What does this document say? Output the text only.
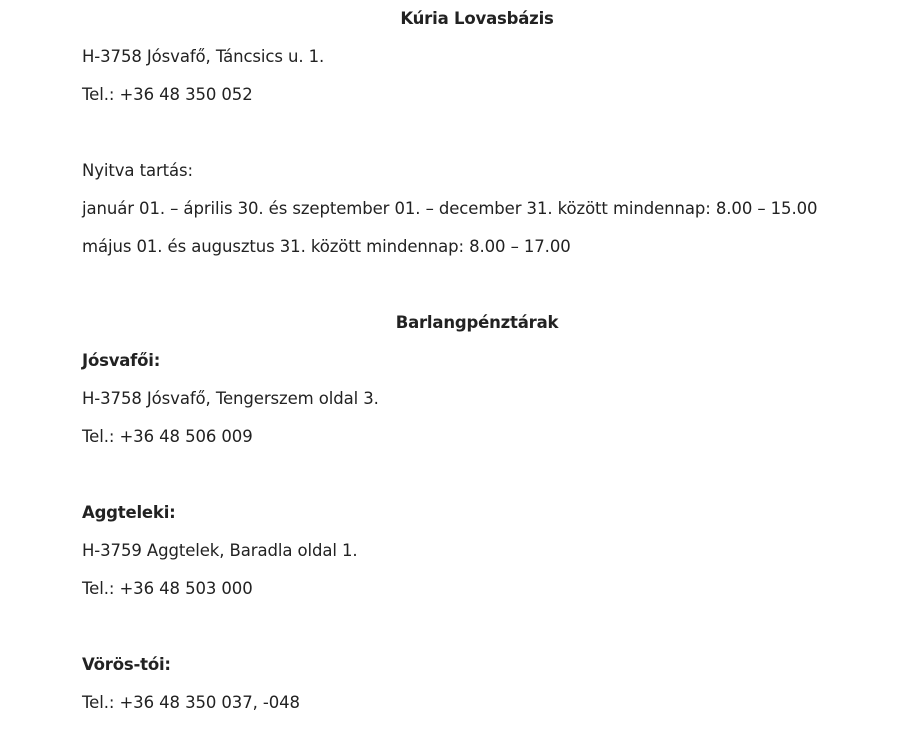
Kúria Lovasbázis
H-3758 Jósvafő, Táncsics u. 1.
Tel.: +36 48 350 052
Nyitva tartás:
január 01. – április 30. és szeptember 01. – december 31. között mindennap: 8.00 – 15.00
május 01. és augusztus 31. között mindennap: 8.00 – 17.00
Barlangpénztárak
Jósvafői:
H-3758 Jósvafő, Tengerszem oldal 3.
Tel.: +36 48 506 009
Aggteleki:
H-3759 Aggtelek, Baradla oldal 1.
Tel.: +36 48 503 000
Vörös-tói:
Tel.: +36 48 350 037, -048
